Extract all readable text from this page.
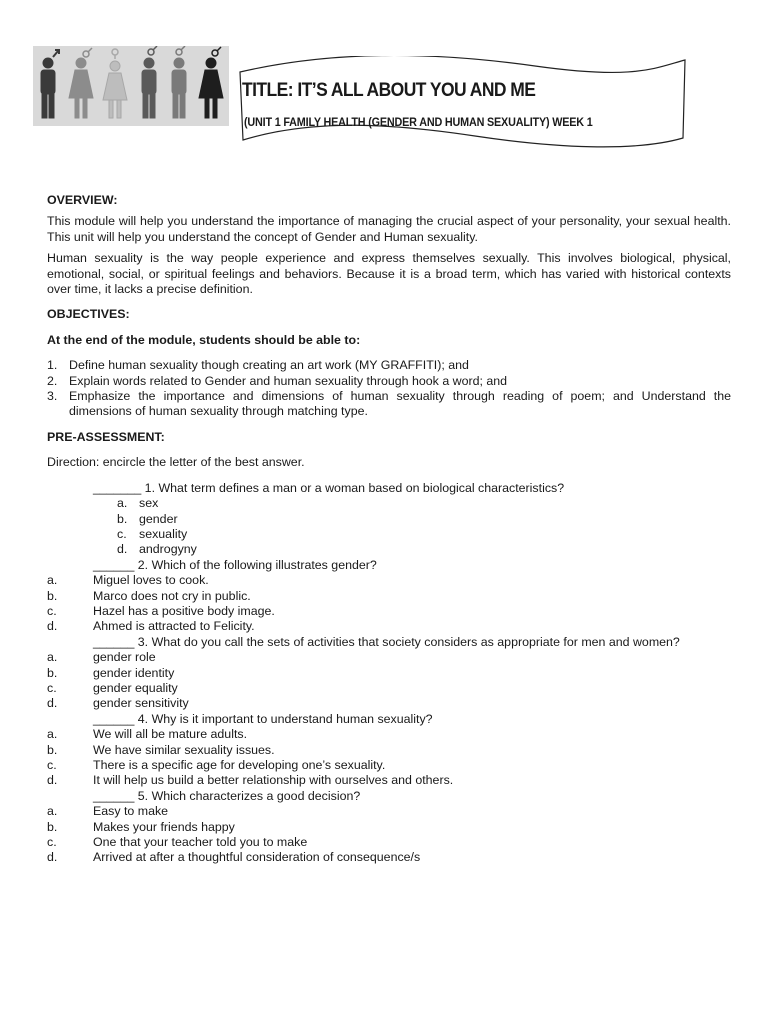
TITLE: IT’S ALL ABOUT YOU AND ME
(UNIT 1 FAMILY HEALTH (GENDER AND HUMAN SEXUALITY) WEEK 1

OVERVIEW:

This module will help you understand the importance of managing the crucial aspect of your personality, your sexual health. This unit will help you understand the concept of Gender and Human sexuality.

Human sexuality is the way people experience and express themselves sexually. This involves biological, physical, emotional, social, or spiritual feelings and behaviors. Because it is a broad term, which has varied with historical contexts over time, it lacks a precise definition.

OBJECTIVES:

At the end of the module, students should be able to:

1. Define human sexuality though creating an art work (MY GRAFFITI); and
2. Explain words related to Gender and human sexuality through hook a word; and
3. Emphasize the importance and dimensions of human sexuality through reading of poem; and Understand the dimensions of human sexuality through matching type.

PRE-ASSESSMENT:

Direction: encircle the letter of the best answer.

_______ 1. What term defines a man or a woman based on biological characteristics?

a. sex
b. gender
c. sexuality
d. androgyny

______ 2. Which of the following illustrates gender?

a.	Miguel loves to cook.
b.	Marco does not cry in public.
c.	Hazel has a positive body image.
d.	Ahmed is attracted to Felicity.

______ 3. What do you call the sets of activities that society considers as appropriate for men and women?

a.	gender role
b.	gender identity
c.	gender equality
d.	gender sensitivity

______ 4. Why is it important to understand human sexuality?

a.	We will all be mature adults.
b.	We have similar sexuality issues.
c.	There is a specific age for developing one’s sexuality.
d.	It will help us build a better relationship with ourselves and others.

______ 5. Which characterizes a good decision?

a.	Easy to make
b.	Makes your friends happy
c.	One that your teacher told you to make
d.	Arrived at after a thoughtful consideration of consequence/s
